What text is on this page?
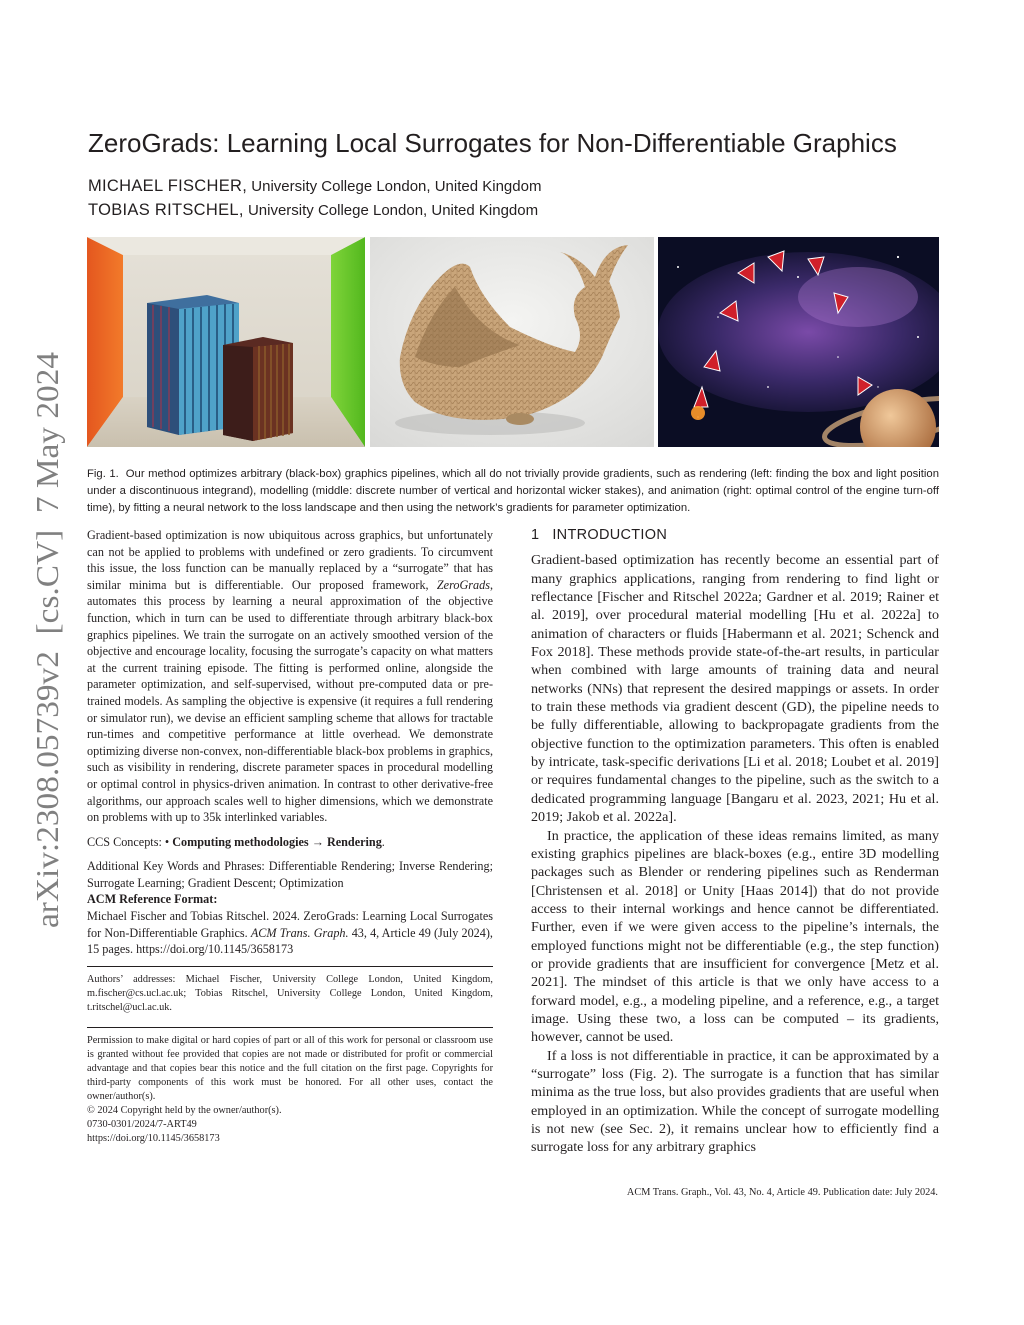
arXiv:2308.05739v2  [cs.CV]  7 May 2024
ZeroGrads: Learning Local Surrogates for Non-Differentiable Graphics
MICHAEL FISCHER, University College London, United Kingdom
TOBIAS RITSCHEL, University College London, United Kingdom
Fig. 1. Our method optimizes arbitrary (black-box) graphics pipelines, which all do not trivially provide gradients, such as rendering (left: finding the box and light position under a discontinuous integrand), modelling (middle: discrete number of vertical and horizontal wicker stakes), and animation (right: optimal control of the engine turn-off time), by fitting a neural network to the loss landscape and then using the network’s gradients for parameter optimization.

Gradient-based optimization is now ubiquitous across graphics, but unfortunately can not be applied to problems with undefined or zero gradients. To circumvent this issue, the loss function can be manually replaced by a “surrogate” that has similar minima but is differentiable. Our proposed framework, ZeroGrads, automates this process by learning a neural approximation of the objective function, which in turn can be used to differentiate through arbitrary black-box graphics pipelines. We train the surrogate on an actively smoothed version of the objective and encourage locality, focusing the surrogate’s capacity on what matters at the current training episode. The fitting is performed online, alongside the parameter optimization, and self-supervised, without pre-computed data or pre-trained models. As sampling the objective is expensive (it requires a full rendering or simulator run), we devise an efficient sampling scheme that allows for tractable run-times and competitive performance at little overhead. We demonstrate optimizing diverse non-convex, non-differentiable black-box problems in graphics, such as visibility in rendering, discrete parameter spaces in procedural modelling or optimal control in physics-driven animation. In contrast to other derivative-free algorithms, our approach scales well to higher dimensions, which we demonstrate on problems with up to 35k interlinked variables.

CCS Concepts: • Computing methodologies → Rendering.

Additional Key Words and Phrases: Differentiable Rendering; Inverse Rendering; Surrogate Learning; Gradient Descent; Optimization

ACM Reference Format:

Michael Fischer and Tobias Ritschel. 2024. ZeroGrads: Learning Local Surrogates for Non-Differentiable Graphics. ACM Trans. Graph. 43, 4, Article 49 (July 2024), 15 pages. https://doi.org/10.1145/3658173

Authors’ addresses: Michael Fischer, University College London, United Kingdom, m.fischer@cs.ucl.ac.uk; Tobias Ritschel, University College London, United Kingdom, t.ritschel@ucl.ac.uk.

Permission to make digital or hard copies of part or all of this work for personal or classroom use is granted without fee provided that copies are not made or distributed for profit or commercial advantage and that copies bear this notice and the full citation on the first page. Copyrights for third-party components of this work must be honored. For all other uses, contact the owner/author(s).

© 2024 Copyright held by the owner/author(s).

0730-0301/2024/7-ART49

https://doi.org/10.1145/3658173

1   INTRODUCTION

Gradient-based optimization has recently become an essential part of many graphics applications, ranging from rendering to find light or reflectance [Fischer and Ritschel 2022a; Gardner et al. 2019; Rainer et al. 2019], over procedural material modelling [Hu et al. 2022a] to animation of characters or fluids [Habermann et al. 2021; Schenck and Fox 2018]. These methods provide state-of-the-art results, in particular when combined with large amounts of training data and neural networks (NNs) that represent the desired mappings or assets. In order to train these methods via gradient descent (GD), the pipeline needs to be fully differentiable, allowing to backpropagate gradients from the objective function to the optimization parameters. This often is enabled by intricate, task-specific derivations [Li et al. 2018; Loubet et al. 2019] or requires fundamental changes to the pipeline, such as the switch to a dedicated programming language [Bangaru et al. 2023, 2021; Hu et al. 2019; Jakob et al. 2022a].

In practice, the application of these ideas remains limited, as many existing graphics pipelines are black-boxes (e.g., entire 3D modelling packages such as Blender or rendering pipelines such as Renderman [Christensen et al. 2018] or Unity [Haas 2014]) that do not provide access to their internal workings and hence cannot be differentiated. Further, even if we were given access to the pipeline’s internals, the employed functions might not be differentiable (e.g., the step function) or provide gradients that are insufficient for convergence [Metz et al. 2021]. The mindset of this article is that we only have access to a forward model, e.g., a modeling pipeline, and a reference, e.g., a target image. Using these two, a loss can be computed – its gradients, however, cannot be used.

If a loss is not differentiable in practice, it can be approximated by a “surrogate” loss (Fig. 2). The surrogate is a function that has similar minima as the true loss, but also provides gradients that are useful when employed in an optimization. While the concept of surrogate modelling is not new (see Sec. 2), it remains unclear how to efficiently find a surrogate loss for any arbitrary graphics

ACM Trans. Graph., Vol. 43, No. 4, Article 49. Publication date: July 2024.
